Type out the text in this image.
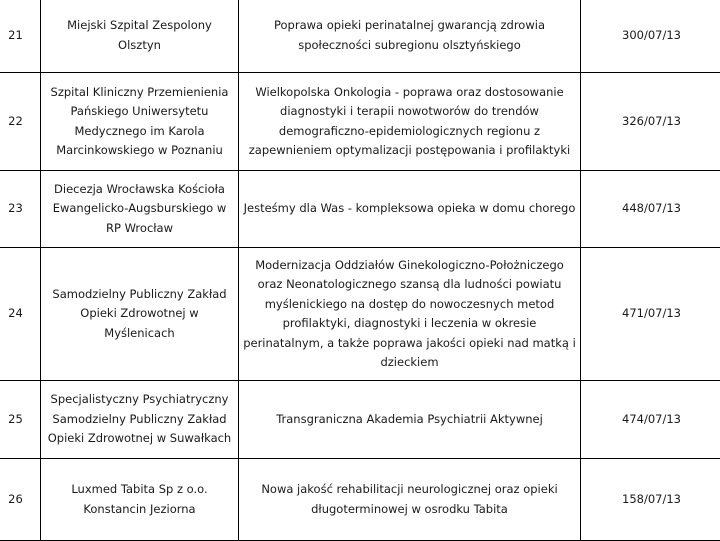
21	Miejski Szpital Zespolony Olsztyn	Poprawa opieki perinatalnej gwarancją zdrowia społeczności subregionu olsztyńskiego	300/07/13
22	Szpital Kliniczny Przemienienia Pańskiego Uniwersytetu Medycznego im Karola Marcinkowskiego w Poznaniu	Wielkopolska Onkologia - poprawa oraz dostosowanie diagnostyki i terapii nowotworów do trendów demograficzno-epidemiologicznych regionu z zapewnieniem optymalizacji postępowania i profilaktyki	326/07/13
23	Diecezja Wrocławska Kościoła Ewangelicko-Augsburskiego w RP Wrocław	Jesteśmy dla Was - kompleksowa opieka w domu chorego	448/07/13
24	Samodzielny Publiczny Zakład Opieki Zdrowotnej w Myślenicach	Modernizacja Oddziałów Ginekologiczno-Położniczego oraz Neonatologicznego szansą dla ludności powiatu myślenickiego na dostęp do nowoczesnych metod profilaktyki, diagnostyki i leczenia w okresie perinatalnym, a także poprawa jakości opieki nad matką i dzieckiem	471/07/13
25	Specjalistyczny Psychiatryczny Samodzielny Publiczny Zakład Opieki Zdrowotnej w Suwałkach	Transgraniczna Akademia Psychiatrii Aktywnej	474/07/13
26	Luxmed Tabita Sp z o.o. Konstancin Jeziorna	Nowa jakość rehabilitacji neurologicznej oraz opieki długoterminowej w osrodku Tabita	158/07/13
